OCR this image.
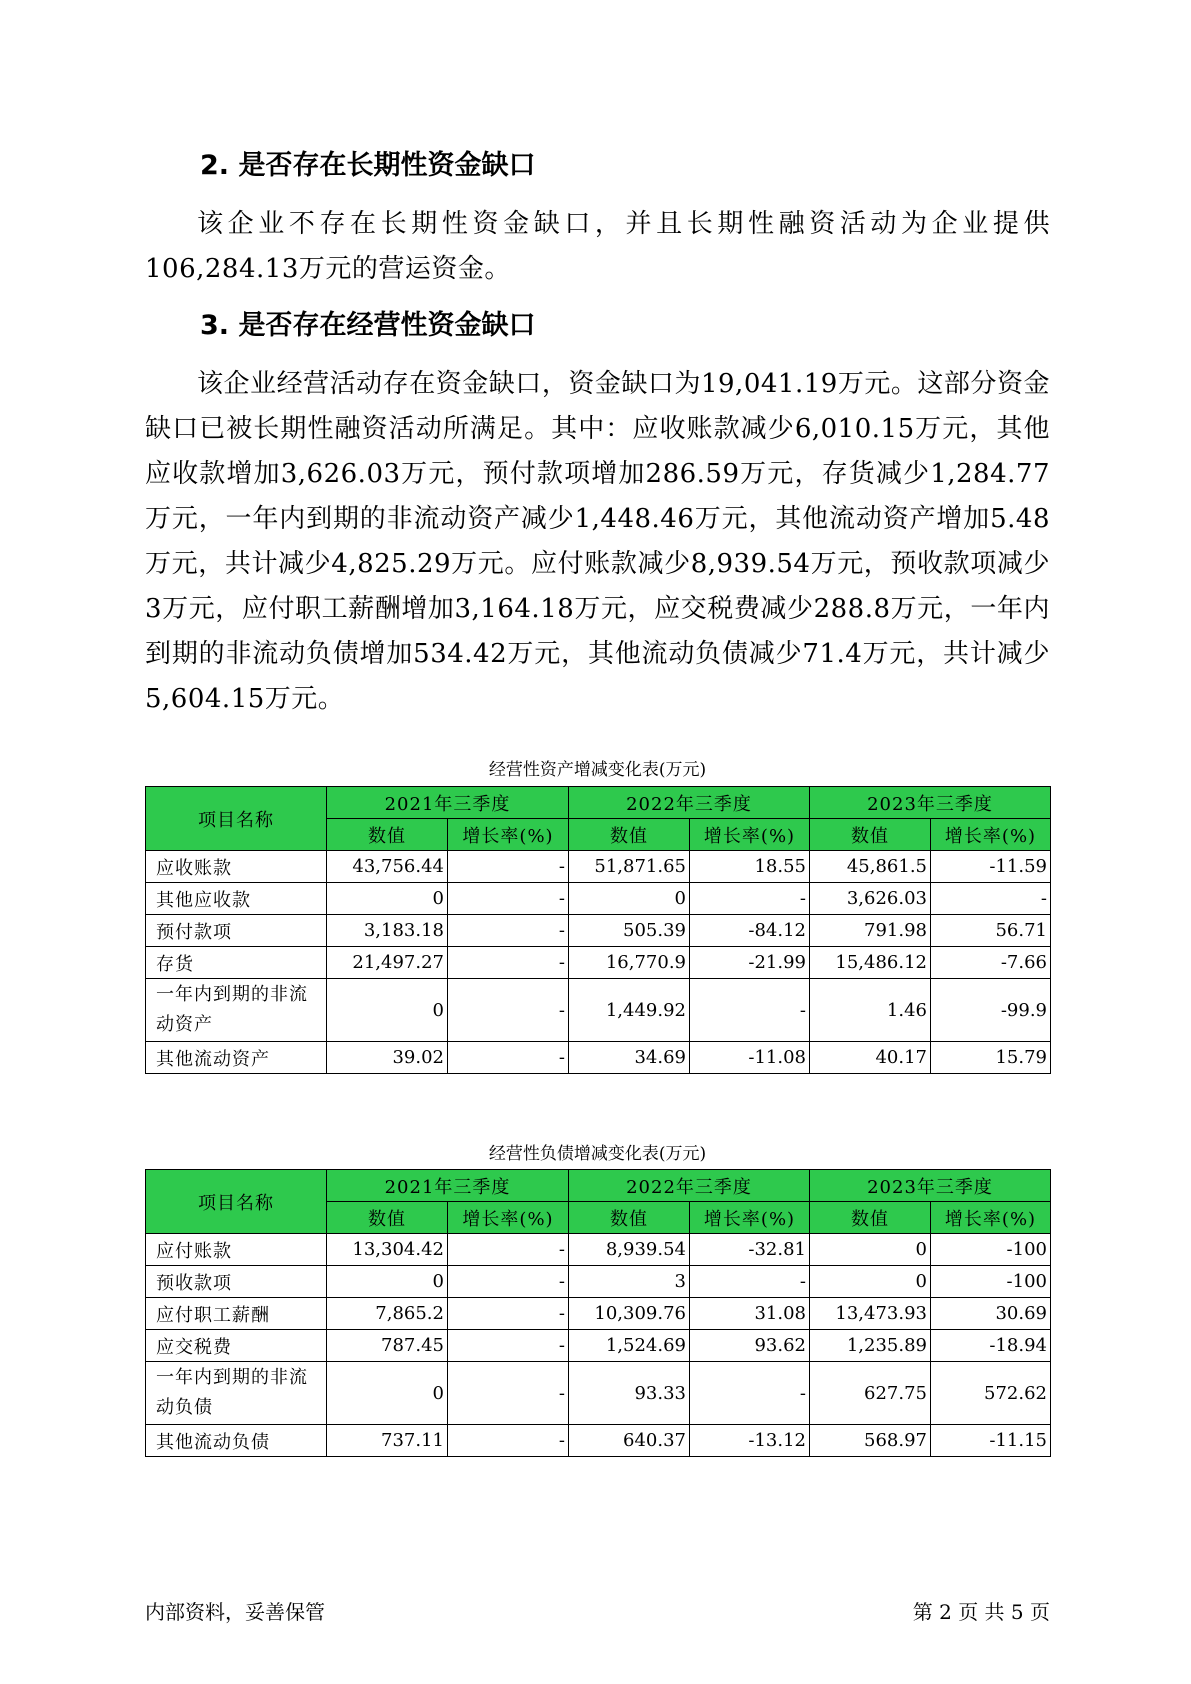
2. 是否存在长期性资金缺口

该企业不存在长期性资金缺口，并且长期性融资活动为企业提供106,284.13万元的营运资金。

3. 是否存在经营性资金缺口

该企业经营活动存在资金缺口，资金缺口为19,041.19万元。这部分资金缺口已被长期性融资活动所满足。其中：应收账款减少6,010.15万元，其他应收款增加3,626.03万元，预付款项增加286.59万元，存货减少1,284.77万元，一年内到期的非流动资产减少1,448.46万元，其他流动资产增加5.48万元，共计减少4,825.29万元。应付账款减少8,939.54万元，预收款项减少3万元，应付职工薪酬增加3,164.18万元，应交税费减少288.8万元，一年内到期的非流动负债增加534.42万元，其他流动负债减少71.4万元，共计减少5,604.15万元。

经营性资产增减变化表(万元)
项目名称	2021年三季度		2022年三季度		2023年三季度	
	数值	增长率(%)	数值	增长率(%)	数值	增长率(%)
应收账款	43,756.44	-	51,871.65	18.55	45,861.5	-11.59
其他应收款	0	-	0	-	3,626.03	-
预付款项	3,183.18	-	505.39	-84.12	791.98	56.71
存货	21,497.27	-	16,770.9	-21.99	15,486.12	-7.66
一年内到期的非流动资产	0	-	1,449.92	-	1.46	-99.9
其他流动资产	39.02	-	34.69	-11.08	40.17	15.79
经营性负债增减变化表(万元)
项目名称	2021年三季度		2022年三季度		2023年三季度	
	数值	增长率(%)	数值	增长率(%)	数值	增长率(%)
应付账款	13,304.42	-	8,939.54	-32.81	0	-100
预收款项	0	-	3	-	0	-100
应付职工薪酬	7,865.2	-	10,309.76	31.08	13,473.93	30.69
应交税费	787.45	-	1,524.69	93.62	1,235.89	-18.94
一年内到期的非流动负债	0	-	93.33	-	627.75	572.62
其他流动负债	737.11	-	640.37	-13.12	568.97	-11.15
内部资料，妥善保管	第 2 页 共 5 页
